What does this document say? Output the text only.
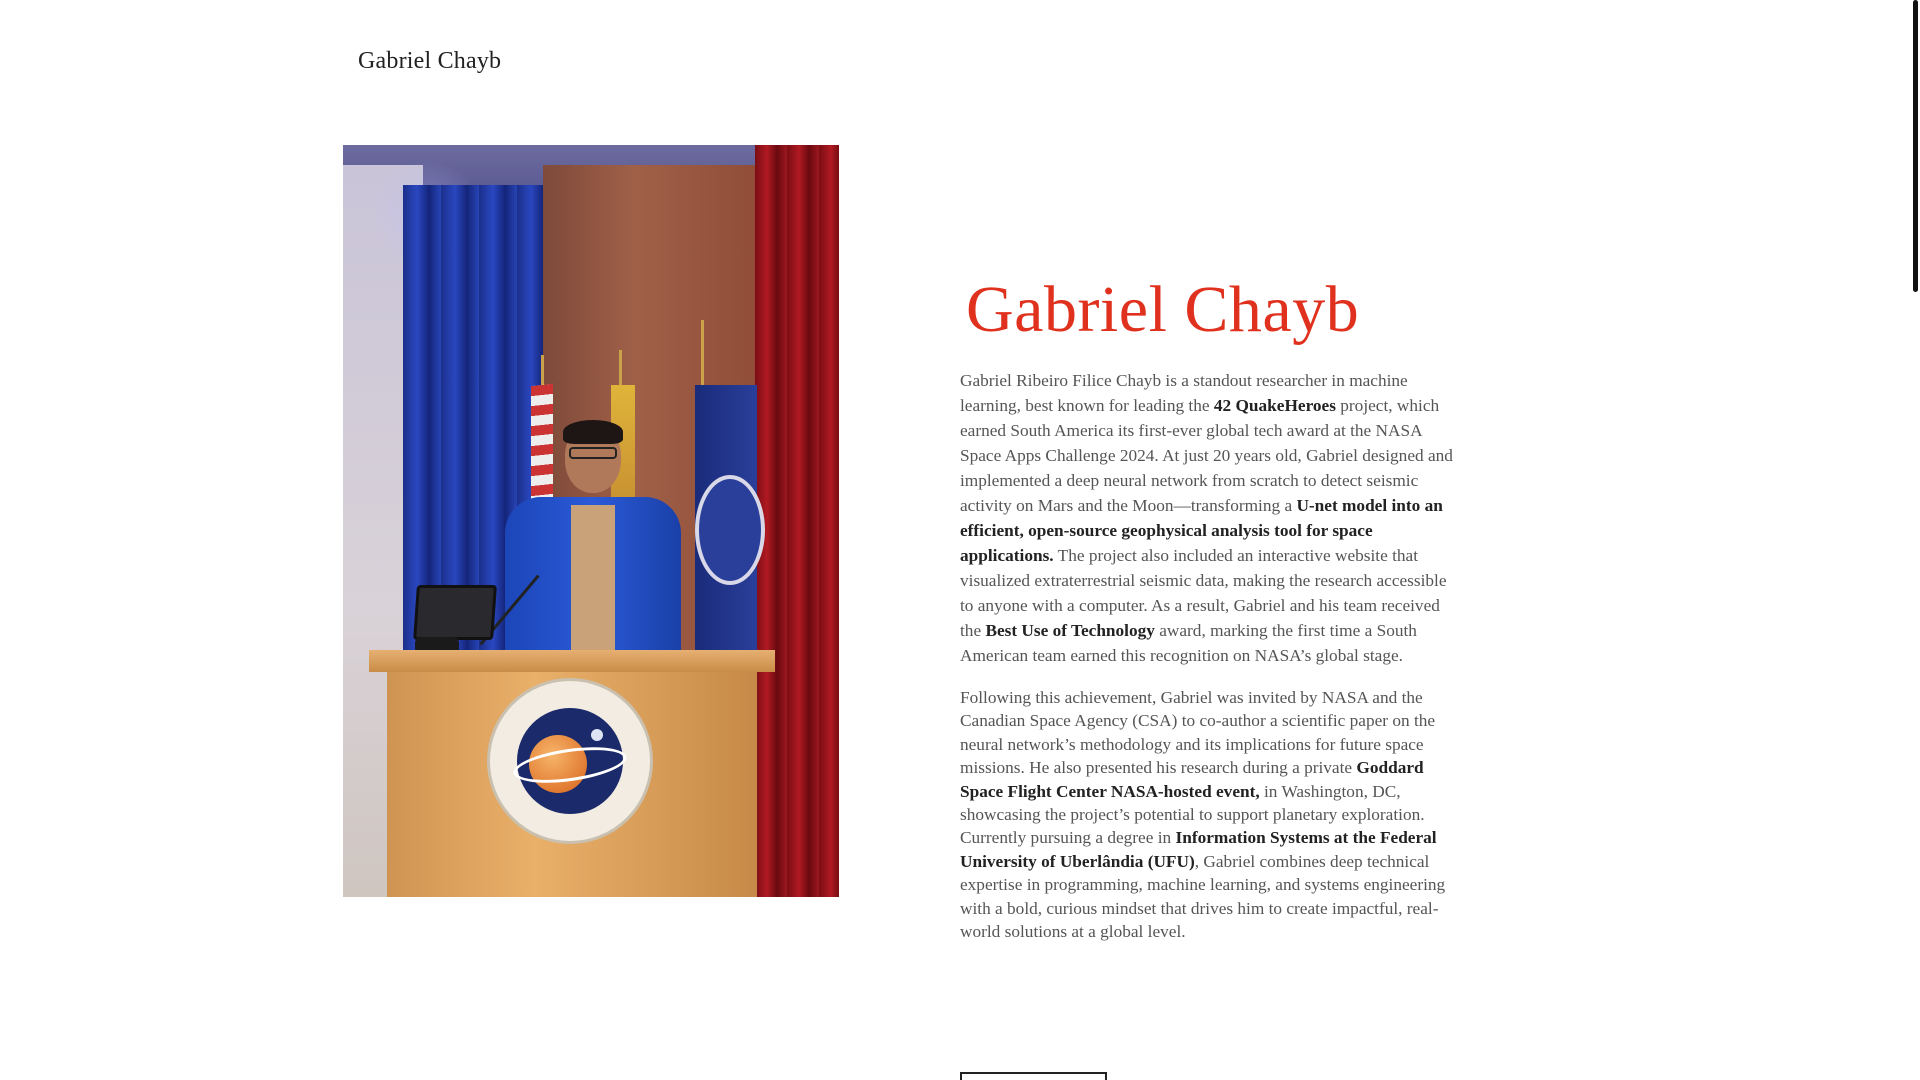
Gabriel Chayb
Gabriel Chayb

Gabriel Ribeiro Filice Chayb is a standout researcher in machine learning, best known for leading the 42 QuakeHeroes project, which earned South America its first-ever global tech award at the NASA Space Apps Challenge 2024. At just 20 years old, Gabriel designed and implemented a deep neural network from scratch to detect seismic activity on Mars and the Moon—transforming a U-net model into an efficient, open-source geophysical analysis tool for space applications. The project also included an interactive website that visualized extraterrestrial seismic data, making the research accessible to anyone with a computer. As a result, Gabriel and his team received the Best Use of Technology award, marking the first time a South American team earned this recognition on NASA’s global stage.

Following this achievement, Gabriel was invited by NASA and the Canadian Space Agency (CSA) to co-author a scientific paper on the neural network’s methodology and its implications for future space missions. He also presented his research during a private Goddard Space Flight Center NASA-hosted event, in Washington, DC, showcasing the project’s potential to support planetary exploration. Currently pursuing a degree in Information Systems at the Federal University of Uberlândia (UFU), Gabriel combines deep technical expertise in programming, machine learning, and systems engineering with a bold, curious mindset that drives him to create impactful, real-world solutions at a global level.
